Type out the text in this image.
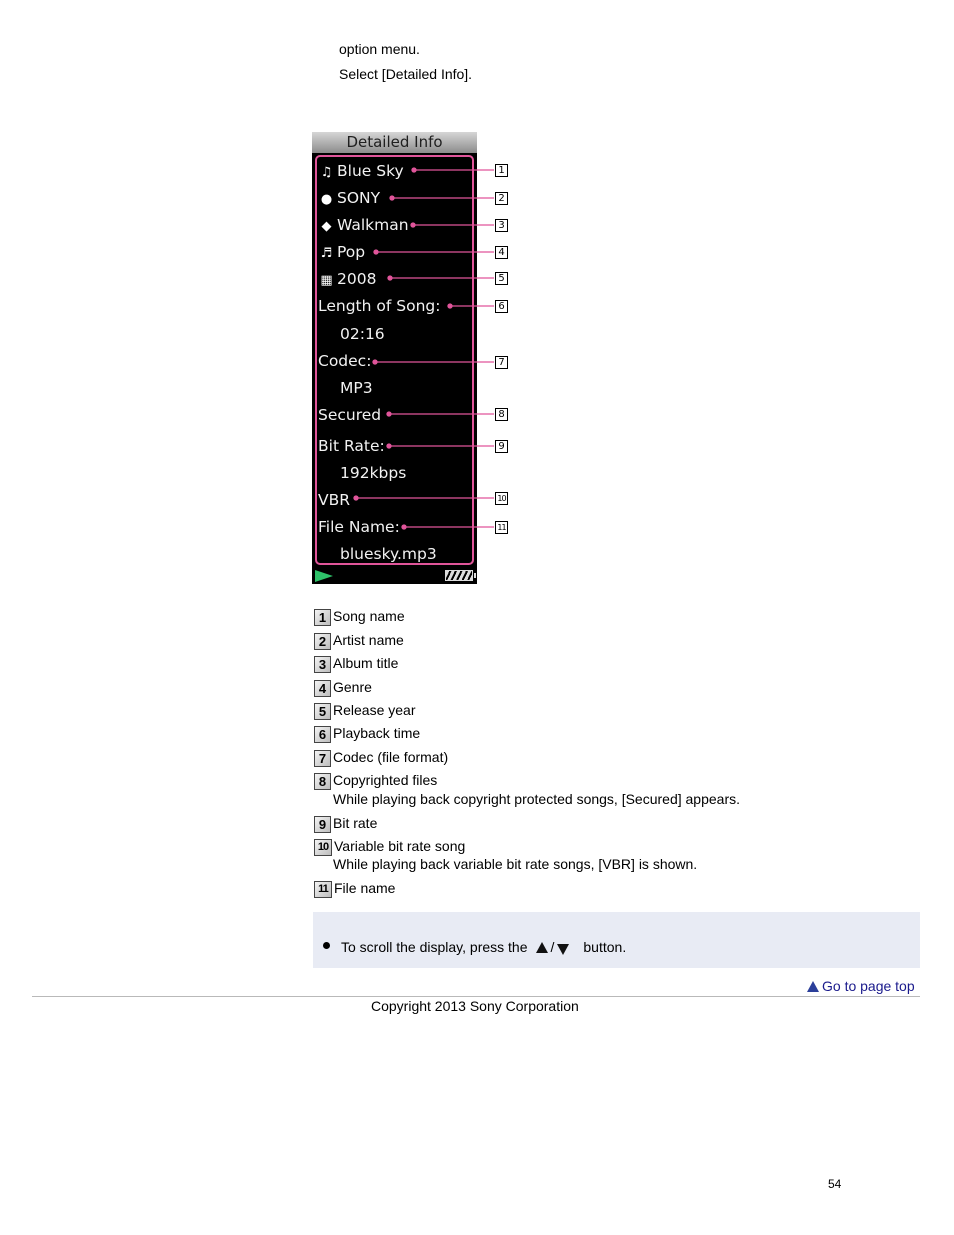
option menu.
Select [Detailed Info].
Detailed Info
♫ Blue Sky
● SONY
◆ Walkman
♬ Pop
▦ 2008
Length of Song:
02:16
Codec:
MP3
Secured
Bit Rate:
192kbps
VBR
File Name:
bluesky.mp3
1
2
3
4
5
6
7
8
9
10
11
1 Song name
2 Artist name
3 Album title
4 Genre
5 Release year
6 Playback time
7 Codec (file format)
8 Copyrighted files
While playing back copyright protected songs, [Secured] appears.
9 Bit rate
10 Variable bit rate song
While playing back variable bit rate songs, [VBR] is shown.
11 File name
To scroll the display, press the / button.
Go to page top
Copyright 2013 Sony Corporation
54
